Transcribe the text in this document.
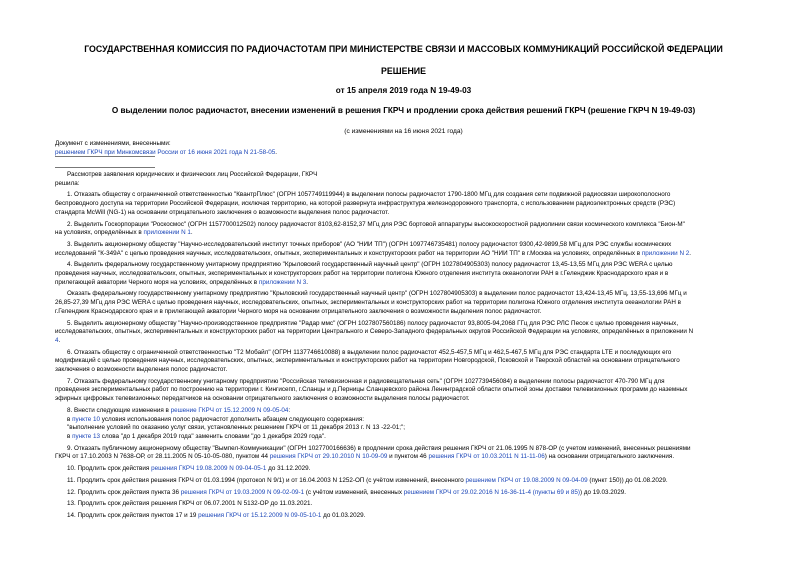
ГОСУДАРСТВЕННАЯ КОМИССИЯ ПО РАДИОЧАСТОТАМ ПРИ МИНИСТЕРСТВЕ СВЯЗИ И МАССОВЫХ КОММУНИКАЦИЙ РОССИЙСКОЙ ФЕДЕРАЦИИ
РЕШЕНИЕ
от 15 апреля 2019 года N 19-49-03
О выделении полос радиочастот, внесении изменений в решения ГКРЧ и продлении срока действия решений ГКРЧ (решение ГКРЧ N 19-49-03)
(с изменениями на 16 июня 2021 года)
Документ с изменениями, внесенными:
решением ГКРЧ при Минкомсвязи России от 16 июня 2021 года N 21-58-05.
Рассмотрев заявления юридических и физических лиц Российской Федерации, ГКРЧ
решила:
1. Отказать обществу с ограниченной ответственностью "КвантрПлюс" (ОГРН 1057749119944) в выделении полосы радиочастот 1790-1800 МГц для создания сети подвижной радиосвязи широкополосного
беспроводного доступа на территории Российской Федерации, исключая территорию, на которой развернута инфраструктура железнодорожного транспорта, с использованием радиоэлектронных средств (РЭС)
стандарта McWill (NG-1) на основании отрицательного заключения о возможности выделения полос радиочастот.
2. Выделить Госкорпорации "Роскосмос" (ОГРН 1157700012502) полосу радиочастот 8103,62-8152,37 МГц для РЭС бортовой аппаратуры высокоскоростной радиолинии связи космического комплекса "Бион-М"
на условиях, определённых в приложении N 1.
3. Выделить акционерному обществу "Научно-исследовательский институт точных приборов" (АО "НИИ ТП") (ОГРН 1097746735481) полосу радиочастот 9300,42-9899,58 МГц для РЭС службы космических
исследований "К-349А" с целью проведения научных, исследовательских, опытных, экспериментальных и конструкторских работ на территории АО "НИИ ТП" в г.Москва на условиях, определённых в приложении N 2.
4. Выделить федеральному государственному унитарному предприятию "Крыловский государственный научный центр" (ОГРН 1027804905303) полосу радиочастот 13,45-13,55 МГц для РЭС WERA с целью
проведения научных, исследовательских, опытных, экспериментальных и конструкторских работ на территории полигона Южного отделения института океанологии РАН в г.Геленджик Краснодарского края и в
прилегающей акватории Черного моря на условиях, определённых в приложении N 3.
Оказать федеральному государственному унитарному предприятию "Крыловский государственный научный центр" (ОГРН 1027804905303) в выделении полос радиочастот 13,424-13,45 МГц, 13,55-13,696 МГц и
26,85-27,39 МГц для РЭС WERA с целью проведения научных, исследовательских, опытных, экспериментальных и конструкторских работ на территории полигона Южного отделения института океанологии РАН в
г.Геленджик Краснодарского края и в прилегающей акватории Черного моря на основании отрицательного заключения о возможности выделения полос радиочастот.
5. Выделить акционерному обществу "Научно-производственное предприятие "Радар ммс" (ОГРН 1027807560186) полосу радиочастот 93,8005-94,2068 ГГц для РЭС РЛС Песок с целью проведения научных,
исследовательских, опытных, экспериментальных и конструкторских работ на территории Центрального и Северо-Западного федеральных округов Российской Федерации на условиях, определённых в приложении N
4.
6. Отказать обществу с ограниченной ответственностью "Т2 Мобайл" (ОГРН 1137746610088) в выделении полос радиочастот 452,5-457,5 МГц и 462,5-467,5 МГц для РЭС стандарта LTE и последующих его
модификаций с целью проведения научных, исследовательских, опытных, экспериментальных и конструкторских работ на территории Новгородской, Псковской и Тверской областей на основании отрицательного
заключения о возможности выделения полос радиочастот.
7. Отказать федеральному государственному унитарному предприятию "Российская телевизионная и радиовещательная сеть" (ОГРН 1027739456084) в выделении полосы радиочастот 470-790 МГц для
проведения экспериментальных работ по построению на территории г. Кингисепп, г.Сланцы и д.Перницы Сланцевского района Ленинградской области опытной зоны доставки телевизионных программ до наземных
эфирных цифровых телевизионных передатчиков на основании отрицательного заключения о возможности выделения полосы радиочастот.
8. Внести следующие изменения в решение ГКРЧ от 15.12.2009 N 09-05-04:
в пункте 10 условия использования полос радиочастот дополнить абзацем следующего содержания:
"выполнение условий по оказанию услуг связи, установленных решением ГКРЧ от 11 декабря 2013 г. N 13 -22-01;";
в пункте 13 слова "до 1 декабря 2019 года" заменить словами "до 1 декабря 2029 года".
9. Отказать публичному акционерному обществу "Вымпел-Коммуникации" (ОГРН 1027700166636) в продлении срока действия решения ГКРЧ от 21.06.1995 N 878-ОР (с учетом изменений, внесенных решениями
ГКРЧ от 17.10.2003 N 7638-ОР, от 28.11.2005 N 05-10-05-080, пунктом 44 решения ГКРЧ от 29.10.2010 N 10-09-09 и пунктом 46 решения ГКРЧ от 10.03.2011 N 11-11-06) на основании отрицательного заключения.
10. Продлить срок действия решения ГКРЧ 19.08.2009 N 09-04-05-1 до 31.12.2029.
11. Продлить срок действия решения ГКРЧ от 01.03.1994 (протокол N 9/1) и от 16.04.2003 N 1252-ОП (с учётом изменений, внесенного решением ГКРЧ от 19.08.2009 N 09-04-09 (пункт 150)) до 01.08.2029.
12. Продлить срок действия пункта 36 решения ГКРЧ от 19.03.2009 N 09-02-09-1 (с учётом изменений, внесенных решением ГКРЧ от 29.02.2016 N 16-36-11-4 (пункты 69 и 85)) до 19.03.2029.
13. Продлить срок действия решения ГКРЧ от 06.07.2001 N 5132-ОР до 11.03.2021.
14. Продлить срок действия пунктов 17 и 19 решения ГКРЧ от 15.12.2009 N 09-05-10-1 до 01.03.2029.
